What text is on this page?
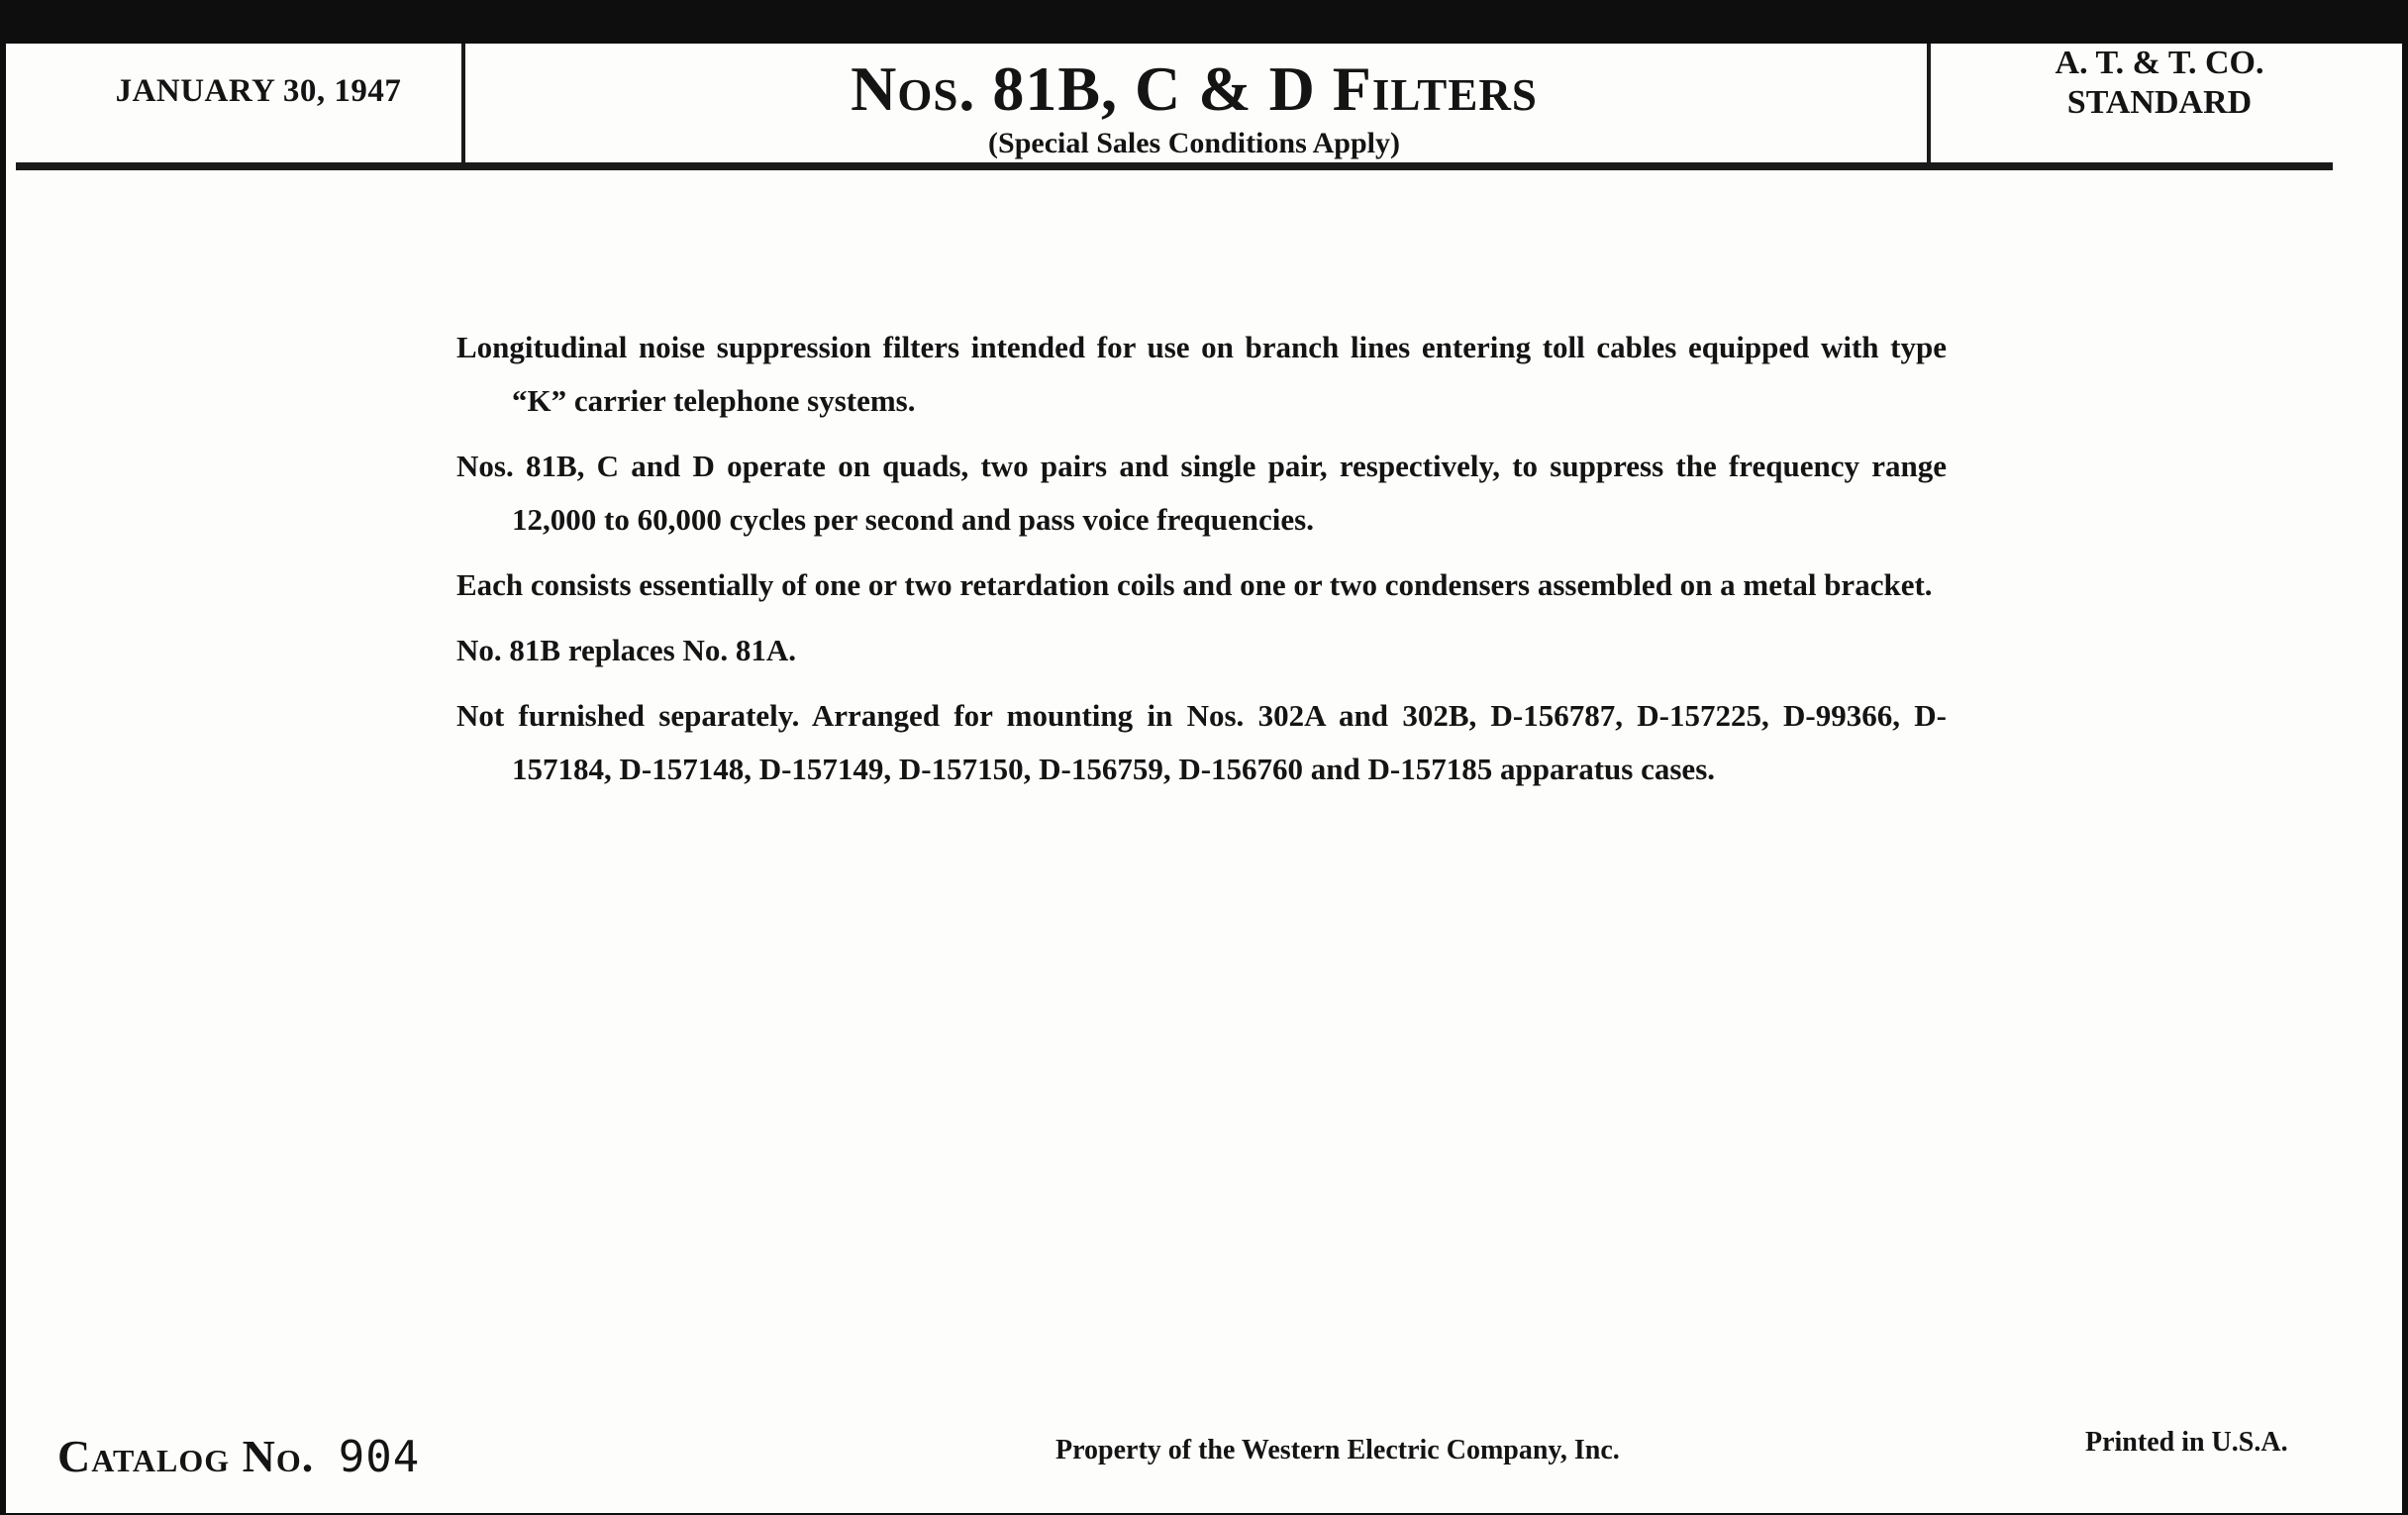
JANUARY 30, 1947	Nos. 81B, C & D Filters
(Special Sales Conditions Apply)
A. T. & T. CO.
STANDARD

Longitudinal noise suppression filters intended for use on branch lines entering toll cables equipped with type “K” carrier telephone systems.

Nos. 81B, C and D operate on quads, two pairs and single pair, respectively, to suppress the frequency range 12,000 to 60,000 cycles per second and pass voice frequencies.

Each consists essentially of one or two retardation coils and one or two condensers assembled on a metal bracket.

No. 81B replaces No. 81A.

Not furnished separately. Arranged for mounting in Nos. 302A and 302B, D-156787, D-157225, D-99366, D-157184, D-157148, D-157149, D-157150, D-156759, D-156760 and D-157185 apparatus cases.

Catalog No. 904	Property of the Western Electric Company, Inc.	Printed in U.S.A.
